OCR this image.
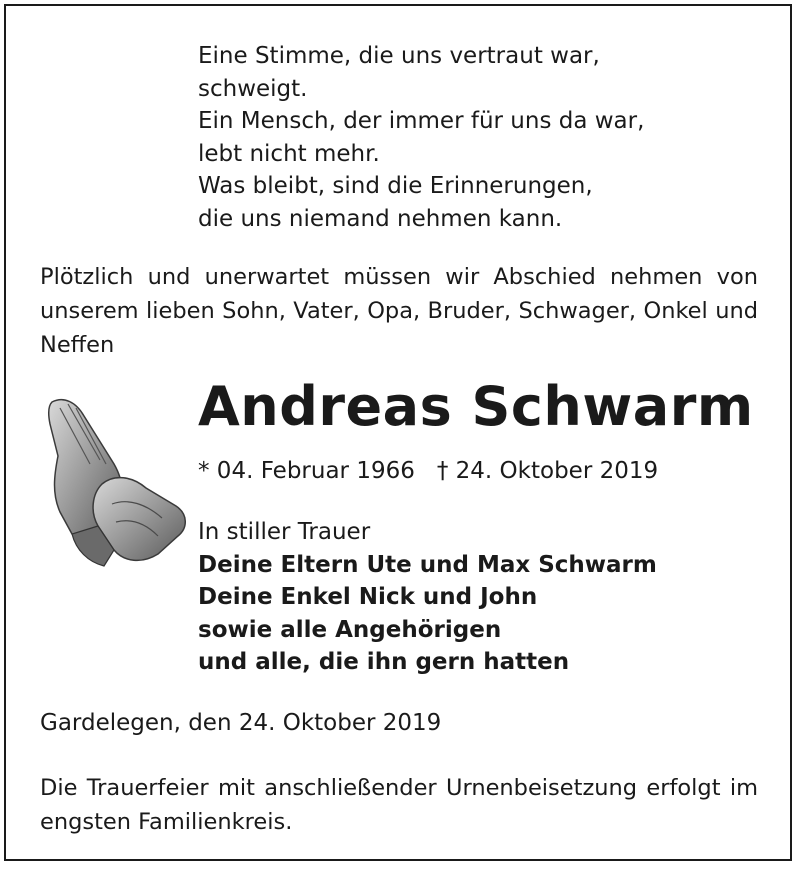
Eine Stimme, die uns vertraut war,
schweigt.
Ein Mensch, der immer für uns da war,
lebt nicht mehr.
Was bleibt, sind die Erinnerungen,
die uns niemand nehmen kann.

Plötzlich und unerwartet müssen wir Abschied nehmen von unserem lieben Sohn, Vater, Opa, Bruder, Schwager, Onkel und Neffen

Andreas Schwarm
* 04. Februar 1966 † 24. Oktober 2019
In stiller Trauer
Deine Eltern Ute und Max Schwarm
Deine Enkel Nick und John
sowie alle Angehörigen
und alle, die ihn gern hatten
Gardelegen, den 24. Oktober 2019

Die Trauerfeier mit anschließender Urnenbeisetzung erfolgt im engsten Familienkreis.
